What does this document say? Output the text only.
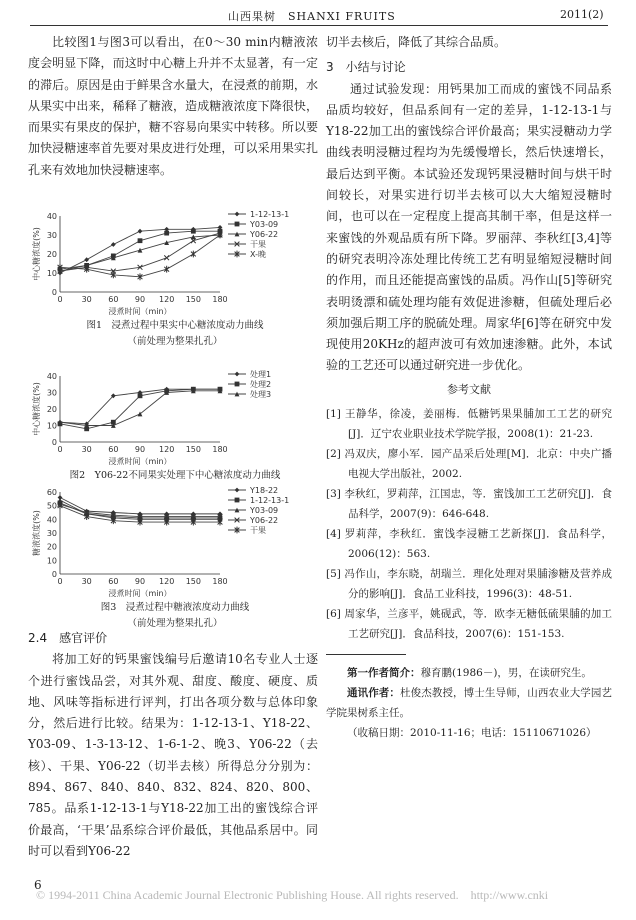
山西果树　SHANXI FRUITS	2011(2)

比较图1与图3可以看出，在0～30 min内糖液浓度会明显下降，而这时中心糖上升并不太显著，有一定的滞后。原因是由于鲜果含水量大，在浸煮的前期，水从果实中出来，稀释了糖液，造成糖液浓度下降很快，而果实有果皮的保护，糖不容易向果实中转移。所以要加快浸糖速率首先要对果皮进行处理，可以采用果实扎孔来有效地加快浸糖速率。

0 30 60 90 120 150 180
0
10
20
30
40
中心糖浓度(%)
浸煮时间（min）
1-12-13-1
Y03-09
Y06-22
干果
X-晚
图1　浸煮过程中果实中心糖浓度动力曲线
（前处理为整果扎孔）
0 30 60 90 120 150 180
0
10
20
30
40
中心糖浓度(%)
浸煮时间（min）
处理1
处理2
处理3
图2　Y06-22不同果实处理下中心糖浓度动力曲线
0 30 60 90 120 150 180
0
10
20
30
40
50
60
糖液浓度(%)
浸煮时间（min）
Y18-22
1-12-13-1
Y03-09
Y06-22
干果
图3　浸煮过程中糖液浓度动力曲线
（前处理为整果扎孔）

2.4　感官评价

将加工好的钙果蜜饯编号后邀请10名专业人士逐个进行蜜饯品尝，对其外观、甜度、酸度、硬度、质地、风味等指标进行评判，打出各项分数与总体印象分，然后进行比较。结果为：1-12-13-1、Y18-22、Y03-09、1-3-13-12、1-6-1-2、晚3、Y06-22（去核）、干果、Y06-22（切半去核）所得总分分别为：894、867、840、840、832、824、820、800、785。品系1-12-13-1与Y18-22加工出的蜜饯综合评价最高，‘干果’品系综合评价最低，其他品系居中。同时可以看到Y06-22

切半去核后，降低了其综合品质。

3　小结与讨论

通过试验发现：用钙果加工而成的蜜饯不同品系品质均较好，但品系间有一定的差异，1-12-13-1与Y18-22加工出的蜜饯综合评价最高；果实浸糖动力学曲线表明浸糖过程均为先缓慢增长，然后快速增长，最后达到平衡。本试验还发现钙果浸糖时间与烘干时间较长，对果实进行切半去核可以大大缩短浸糖时间，也可以在一定程度上提高其制干率，但是这样一来蜜饯的外观品质有所下降。罗丽萍、李秋红[3,4]等的研究表明冷冻处理比传统工艺有明显缩短浸糖时间的作用，而且还能提高蜜饯的品质。冯作山[5]等研究表明烫漂和硫处理均能有效促进渗糖，但硫处理后必须加强后期工序的脱硫处理。周家华[6]等在研究中发现使用20KHz的超声波可有效加速渗糖。此外，本试验的工艺还可以通过研究进一步优化。

参考文献
[1] 王静华，徐凌，姜丽梅．低糖钙果果脯加工工艺的研究[J]．辽宁农业职业技术学院学报，2008(1)：21-23.
[2] 冯双庆，廖小军．园产品采后处理[M]．北京：中央广播电视大学出版社，2002.
[3] 李秋红，罗莉萍，江国忠，等．蜜饯加工工艺研究[J]．食品科学，2007(9)：646-648.
[4] 罗莉萍，李秋红．蜜饯李浸糖工艺新探[J]．食品科学，2006(12)：563.
[5] 冯作山，李东晓，胡瑞兰．理化处理对果脯渗糖及营养成分的影响[J]．食品工业科技，1996(3)：48-51.
[6] 周家华，兰彦平，姚砚武，等．欧李无糖低硫果脯的加工工艺研究[J]．食品科技，2007(6)：151-153.
第一作者简介：穆育鹏(1986－)，男，在读研究生。
通讯作者：杜俊杰教授，博士生导师，山西农业大学园艺学院果树系主任。
（收稿日期：2010-11-16；电话：15110671026）
6
© 1994-2011 China Academic Journal Electronic Publishing House. All rights reserved.　http://www.cnki
